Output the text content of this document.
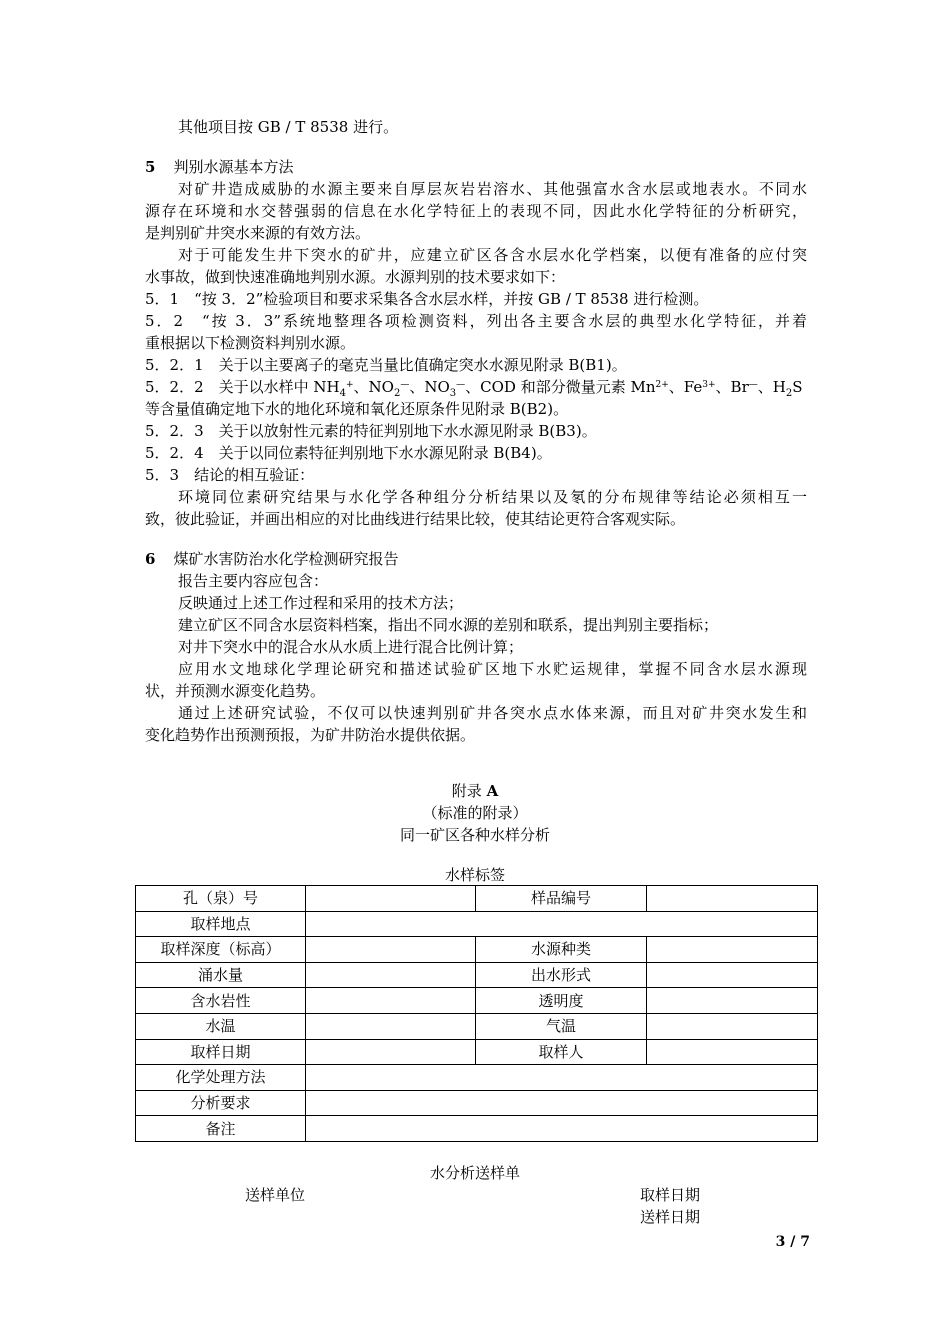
其他项目按 GB / T 8538 进行。
5 判别水源基本方法
对矿井造成威胁的水源主要来自厚层灰岩岩溶水、其他强富水含水层或地表水。不同水
源存在环境和水交替强弱的信息在水化学特征上的表现不同，因此水化学特征的分析研究，
是判别矿井突水来源的有效方法。
对于可能发生井下突水的矿井，应建立矿区各含水层水化学档案，以便有准备的应付突
水事故，做到快速准确地判别水源。水源判别的技术要求如下：
5．1　“按 3．2”检验项目和要求采集各含水层水样，并按 GB / T 8538 进行检测。
5．2　“按 3．3”系统地整理各项检测资料，列出各主要含水层的典型水化学特征，并着
重根据以下检测资料判别水源。
5．2．1　关于以主要离子的毫克当量比值确定突水水源见附录 B(B1)。
5．2．2　关于以水样中 $NH_4^+$、$NO_2^—$、$NO_3^—$、COD 和部分微量元素 $Mn^{2+}$、$Fe^{3+}$、Br—、$H_2S$
等含量值确定地下水的地化环境和氧化还原条件见附录 B(B2)。
5．2．3　关于以放射性元素的特征判别地下水水源见附录 B(B3)。
5．2．4　关于以同位素特征判别地下水水源见附录 B(B4)。
5．3　结论的相互验证：
环境同位素研究结果与水化学各种组分分析结果以及氡的分布规律等结论必须相互一
致，彼此验证，并画出相应的对比曲线进行结果比较，使其结论更符合客观实际。
6 煤矿水害防治水化学检测研究报告
报告主要内容应包含：
反映通过上述工作过程和采用的技术方法；
建立矿区不同含水层资料档案，指出不同水源的差别和联系，提出判别主要指标；
对井下突水中的混合水从水质上进行混合比例计算；
应用水文地球化学理论研究和描述试验矿区地下水贮运规律，掌握不同含水层水源现
状，并预测水源变化趋势。
通过上述研究试验，不仅可以快速判别矿井各突水点水体来源，而且对矿井突水发生和
变化趋势作出预测预报，为矿井防治水提供依据。
附录 A
（标准的附录）
同一矿区各种水样分析
水样标签
孔（泉）号		样品编号	
取样地点			
取样深度（标高）		水源种类	
涌水量		出水形式	
含水岩性		透明度	
水温		气温	
取样日期		取样人	
化学处理方法			
分析要求			
备注			
水分析送样单
送样单位	取样日期
送样日期
3 / 7
